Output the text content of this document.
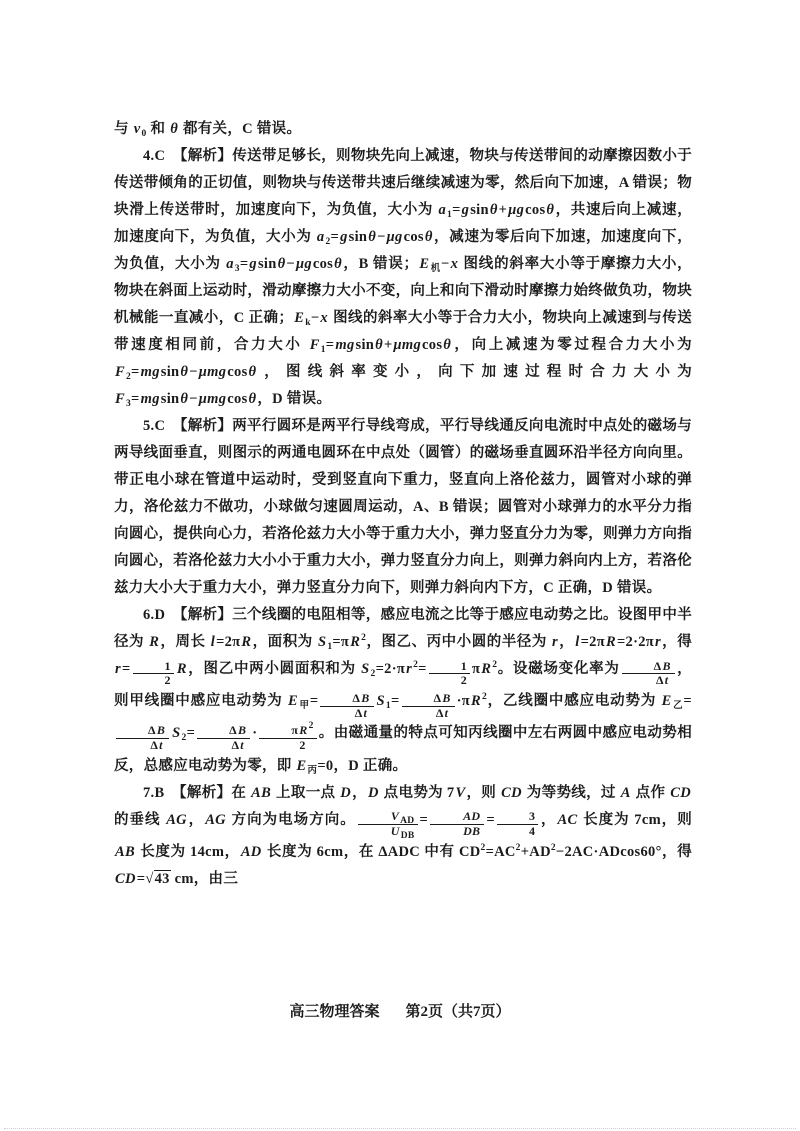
与 $v_0$ 和 θ 都有关，C 错误。

4.C　【解析】传送带足够长，则物块先向上减速，物块与传送带间的动摩擦因数小于传送带倾角的正切值，则物块与传送带共速后继续减速为零，然后向下加速，A 错误；物块滑上传送带时，加速度向下，为负值，大小为 $a_1=gsin\theta+\mu gcos\theta$，共速后向上减速，加速度向下，为负值，大小为 $a_2=gsin\theta-\mu gcos\theta$，减速为零后向下加速，加速度向下，为负值，大小为 $a_3=gsin\theta-\mu gcos\theta$，B 错误；$E_机-x$ 图线的斜率大小等于摩擦力大小，物块在斜面上运动时，滑动摩擦力大小不变，向上和向下滑动时摩擦力始终做负功，物块机械能一直减小，C 正确；$E_k-x$ 图线的斜率大小等于合力大小，物块向上减速到与传送带速度相同前，合力大小 $F_1=mgsin\theta+\mu mgcos\theta$，向上减速为零过程合力大小为 $F_2=mgsin\theta-\mu mgcos\theta$，图线斜率变小，向下加速过程时合力大小为 $F_3=mgsin\theta-\mu mgcos\theta$，D 错误。

5.C　【解析】两平行圆环是两平行导线弯成，平行导线通反向电流时中点处的磁场与两导线面垂直，则图示的两通电圆环在中点处（圆管）的磁场垂直圆环沿半径方向向里。带正电小球在管道中运动时，受到竖直向下重力，竖直向上洛伦兹力，圆管对小球的弹力，洛伦兹力不做功，小球做匀速圆周运动，A、B 错误；圆管对小球弹力的水平分力指向圆心，提供向心力，若洛伦兹力大小等于重力大小，弹力竖直分力为零，则弹力方向指向圆心，若洛伦兹力大小小于重力大小，弹力竖直分力向上，则弹力斜向内上方，若洛伦兹力大小大于重力大小，弹力竖直分力向下，则弹力斜向内下方，C 正确，D 错误。

6.D　【解析】三个线圈的电阻相等，感应电流之比等于感应电动势之比。设图甲中半径为 R，周长 l=2πR，面积为 $S_1=\pi R^2$，图乙、丙中小圆的半径为 r，l=2πR=2·2πr，得 $r= \frac{1}{2}$ R，图乙中两小圆面积和为 $S_2=2\cdot\pi r^2= \frac{1}{2} \pi R^2$。设磁场变化率为 $\frac{\Delta B}{\Delta t}$ ，则甲线圈中感应电动势为 $E_甲= \frac{\Delta B}{\Delta t} S_1= \frac{\Delta B}{\Delta t} \cdot\pi R^2$，乙线圈中感应电动势为 $E_乙=$
$\frac{\Delta B}{\Delta t} S_2= \frac{\Delta B}{\Delta t} \cdot \frac{\pi R^2}{2}$ 。由磁通量的特点可知丙线圈中左右两圆中感应电动势相反，总感应电动势为零，即 $E_丙=0$，D 正确。

7.B　【解析】在 AB 上取一点 D，D 点电势为 7V，则 CD 为等势线，过 A 点作 CD 的垂线 AG，AG 方向为电场方向。 $\frac{V_{AD}}{U_{DB}} = \frac{AD}{DB} = \frac{3}{4}$ ，AC 长度为 7cm，则 AB 长度为 14cm，AD 长度为 6cm，在 ΔADC 中有 $CD^2=AC^2+AD^2-2AC\cdot ADcos60^\circ$，得 CD=√43 cm，由三

高三物理答案 第2页（共7页）
